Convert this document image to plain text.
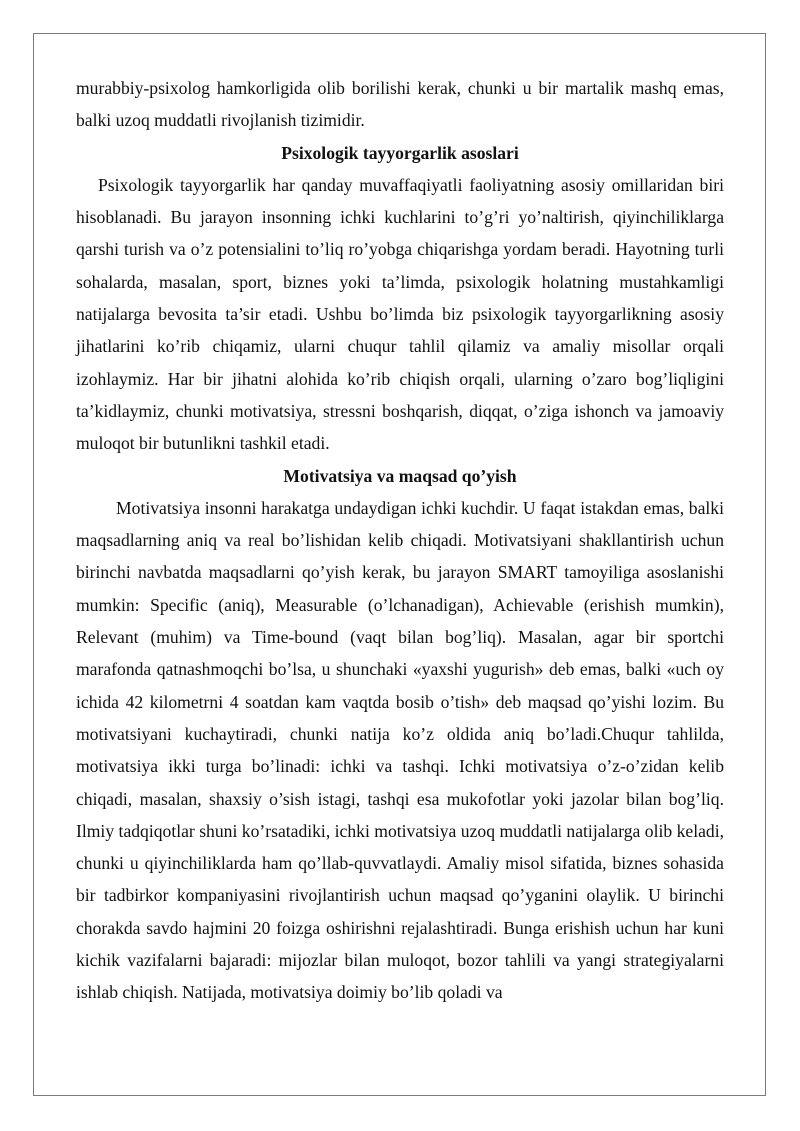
murabbiy-psixolog hamkorligida olib borilishi kerak, chunki u bir martalik mashq emas, balki uzoq muddatli rivojlanish tizimidir.

Psixologik tayyorgarlik asoslari

Psixologik tayyorgarlik har qanday muvaffaqiyatli faoliyatning asosiy omillaridan biri hisoblanadi. Bu jarayon insonning ichki kuchlarini to’g’ri yo’naltirish, qiyinchiliklarga qarshi turish va o’z potensialini to’liq ro’yobga chiqarishga yordam beradi. Hayotning turli sohalarda, masalan, sport, biznes yoki ta’limda, psixologik holatning mustahkamligi natijalarga bevosita ta’sir etadi. Ushbu bo’limda biz psixologik tayyorgarlikning asosiy jihatlarini ko’rib chiqamiz, ularni chuqur tahlil qilamiz va amaliy misollar orqali izohlaymiz. Har bir jihatni alohida ko’rib chiqish orqali, ularning o’zaro bog’liqligini ta’kidlaymiz, chunki motivatsiya, stressni boshqarish, diqqat, o’ziga ishonch va jamoaviy muloqot bir butunlikni tashkil etadi.

Motivatsiya va maqsad qo’yish

Motivatsiya insonni harakatga undaydigan ichki kuchdir. U faqat istakdan emas, balki maqsadlarning aniq va real bo’lishidan kelib chiqadi. Motivatsiyani shakllantirish uchun birinchi navbatda maqsadlarni qo’yish kerak, bu jarayon SMART tamoyiliga asoslanishi mumkin: Specific (aniq), Measurable (o’lchanadigan), Achievable (erishish mumkin), Relevant (muhim) va Time-bound (vaqt bilan bog’liq). Masalan, agar bir sportchi marafonda qatnashmoqchi bo’lsa, u shunchaki «yaxshi yugurish» deb emas, balki «uch oy ichida 42 kilometrni 4 soatdan kam vaqtda bosib o’tish» deb maqsad qo’yishi lozim. Bu motivatsiyani kuchaytiradi, chunki natija ko’z oldida aniq bo’ladi.Chuqur tahlilda, motivatsiya ikki turga bo’linadi: ichki va tashqi. Ichki motivatsiya o’z-o’zidan kelib chiqadi, masalan, shaxsiy o’sish istagi, tashqi esa mukofotlar yoki jazolar bilan bog’liq. Ilmiy tadqiqotlar shuni ko’rsatadiki, ichki motivatsiya uzoq muddatli natijalarga olib keladi, chunki u qiyinchiliklarda ham qo’llab-quvvatlaydi. Amaliy misol sifatida, biznes sohasida bir tadbirkor kompaniyasini rivojlantirish uchun maqsad qo’yganini olaylik. U birinchi chorakda savdo hajmini 20 foizga oshirishni rejalashtiradi. Bunga erishish uchun har kuni kichik vazifalarni bajaradi: mijozlar bilan muloqot, bozor tahlili va yangi strategiyalarni ishlab chiqish. Natijada, motivatsiya doimiy bo’lib qoladi va
